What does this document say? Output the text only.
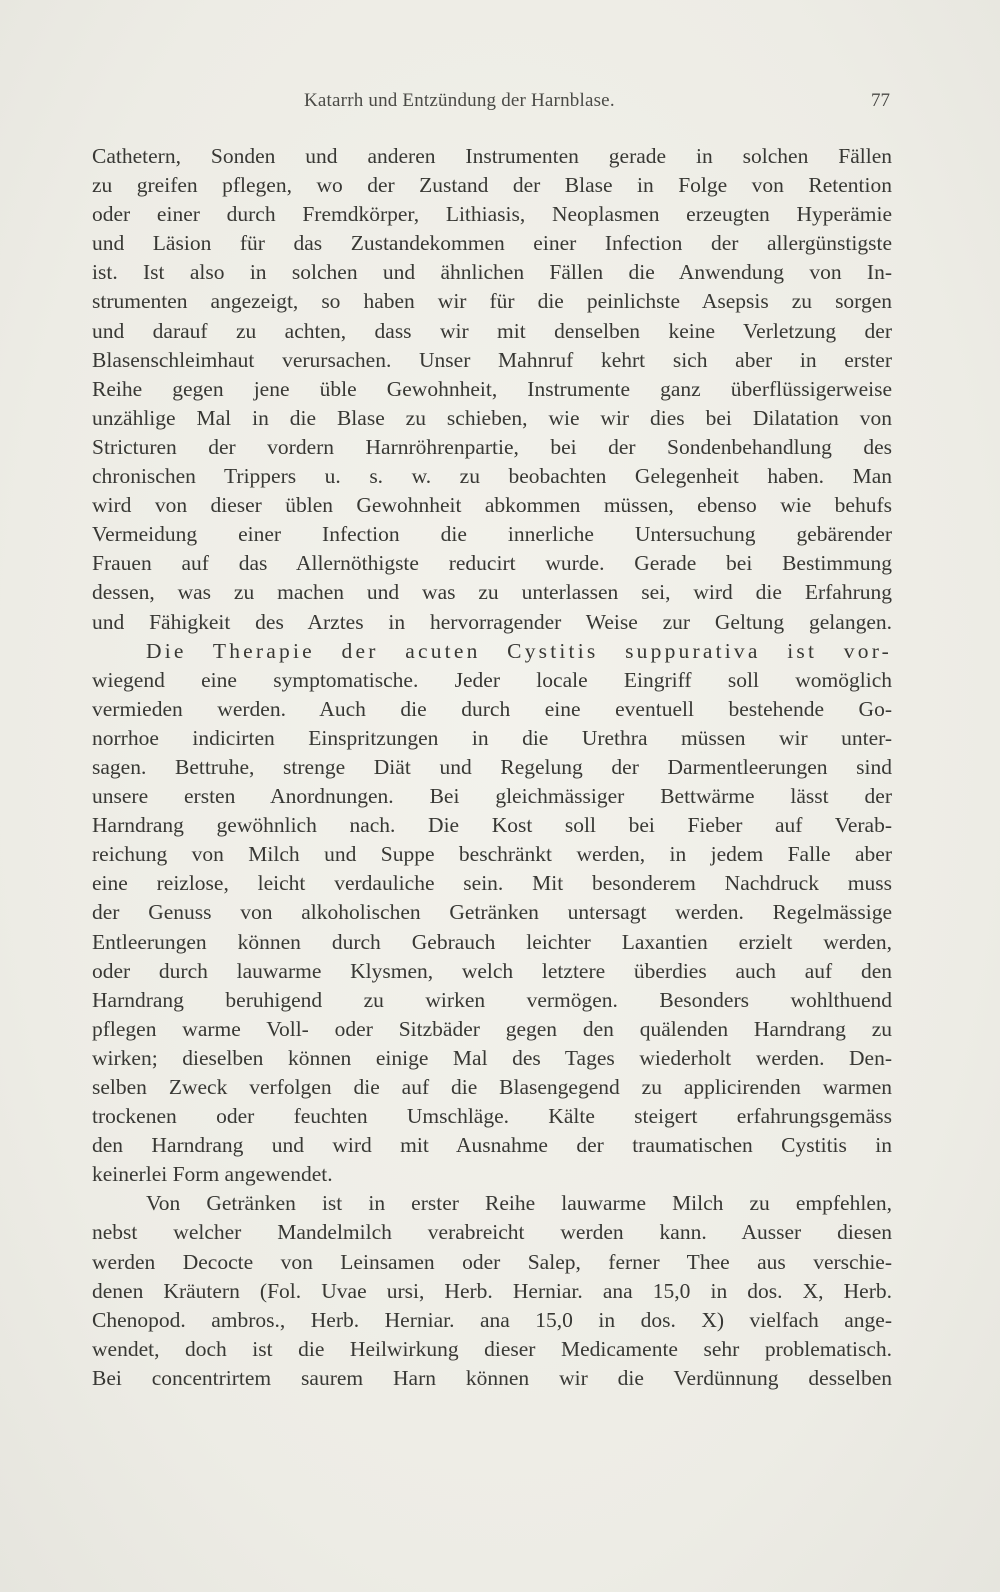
Katarrh und Entzündung der Harnblase.	77
Cathetern, Sonden und anderen Instrumenten gerade in solchen Fällen
zu greifen pflegen, wo der Zustand der Blase in Folge von Retention
oder einer durch Fremdkörper, Lithiasis, Neoplasmen erzeugten Hyperämie
und Läsion für das Zustandekommen einer Infection der allergünstigste
ist. Ist also in solchen und ähnlichen Fällen die Anwendung von In-
strumenten angezeigt, so haben wir für die peinlichste Asepsis zu sorgen
und darauf zu achten, dass wir mit denselben keine Verletzung der
Blasenschleimhaut verursachen. Unser Mahnruf kehrt sich aber in erster
Reihe gegen jene üble Gewohnheit, Instrumente ganz überflüssigerweise
unzählige Mal in die Blase zu schieben, wie wir dies bei Dilatation von
Stricturen der vordern Harnröhrenpartie, bei der Sondenbehandlung des
chronischen Trippers u. s. w. zu beobachten Gelegenheit haben. Man
wird von dieser üblen Gewohnheit abkommen müssen, ebenso wie behufs
Vermeidung einer Infection die innerliche Untersuchung gebärender
Frauen auf das Allernöthigste reducirt wurde. Gerade bei Bestimmung
dessen, was zu machen und was zu unterlassen sei, wird die Erfahrung
und Fähigkeit des Arztes in hervorragender Weise zur Geltung gelangen.
Die Therapie der acuten Cystitis suppurativa ist vor-
wiegend eine symptomatische. Jeder locale Eingriff soll womöglich
vermieden werden. Auch die durch eine eventuell bestehende Go-
norrhoe indicirten Einspritzungen in die Urethra müssen wir unter-
sagen. Bettruhe, strenge Diät und Regelung der Darmentleerungen sind
unsere ersten Anordnungen. Bei gleichmässiger Bettwärme lässt der
Harndrang gewöhnlich nach. Die Kost soll bei Fieber auf Verab-
reichung von Milch und Suppe beschränkt werden, in jedem Falle aber
eine reizlose, leicht verdauliche sein. Mit besonderem Nachdruck muss
der Genuss von alkoholischen Getränken untersagt werden. Regelmässige
Entleerungen können durch Gebrauch leichter Laxantien erzielt werden,
oder durch lauwarme Klysmen, welch letztere überdies auch auf den
Harndrang beruhigend zu wirken vermögen. Besonders wohlthuend
pflegen warme Voll- oder Sitzbäder gegen den quälenden Harndrang zu
wirken; dieselben können einige Mal des Tages wiederholt werden. Den-
selben Zweck verfolgen die auf die Blasengegend zu applicirenden warmen
trockenen oder feuchten Umschläge. Kälte steigert erfahrungsgemäss
den Harndrang und wird mit Ausnahme der traumatischen Cystitis in
keinerlei Form angewendet.
Von Getränken ist in erster Reihe lauwarme Milch zu empfehlen,
nebst welcher Mandelmilch verabreicht werden kann. Ausser diesen
werden Decocte von Leinsamen oder Salep, ferner Thee aus verschie-
denen Kräutern (Fol. Uvae ursi, Herb. Herniar. ana 15,0 in dos. X, Herb.
Chenopod. ambros., Herb. Herniar. ana 15,0 in dos. X) vielfach ange-
wendet, doch ist die Heilwirkung dieser Medicamente sehr problematisch.
Bei concentrirtem saurem Harn können wir die Verdünnung desselben
